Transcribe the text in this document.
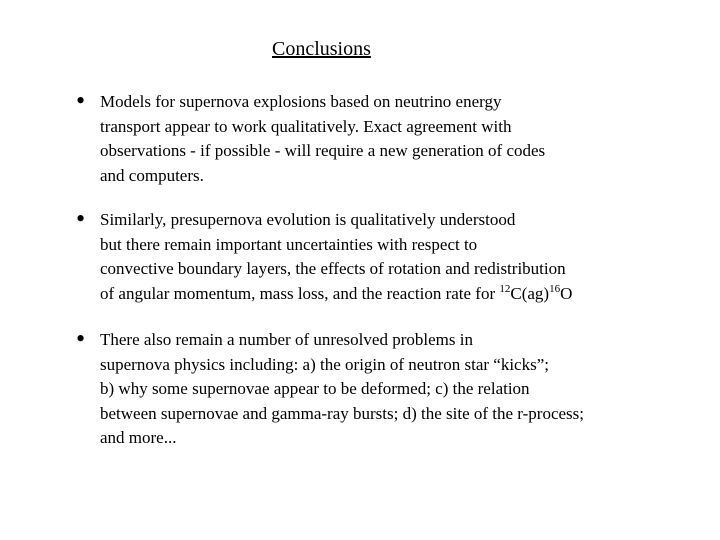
Conclusions
• Models for supernova explosions based on neutrino energy
transport appear to work qualitatively. Exact agreement with
observations - if possible - will require a new generation of codes
and computers.
• Similarly, presupernova evolution is qualitatively understood
but there remain important uncertainties with respect to
convective boundary layers, the effects of rotation and redistribution
of angular momentum, mass loss, and the reaction rate for $^{12}$C(ag)$^{16}$O
• There also remain a number of unresolved problems in
supernova physics including: a) the origin of neutron star “kicks”;
b) why some supernovae appear to be deformed; c) the relation
between supernovae and gamma-ray bursts; d) the site of the r-process;
and more...
